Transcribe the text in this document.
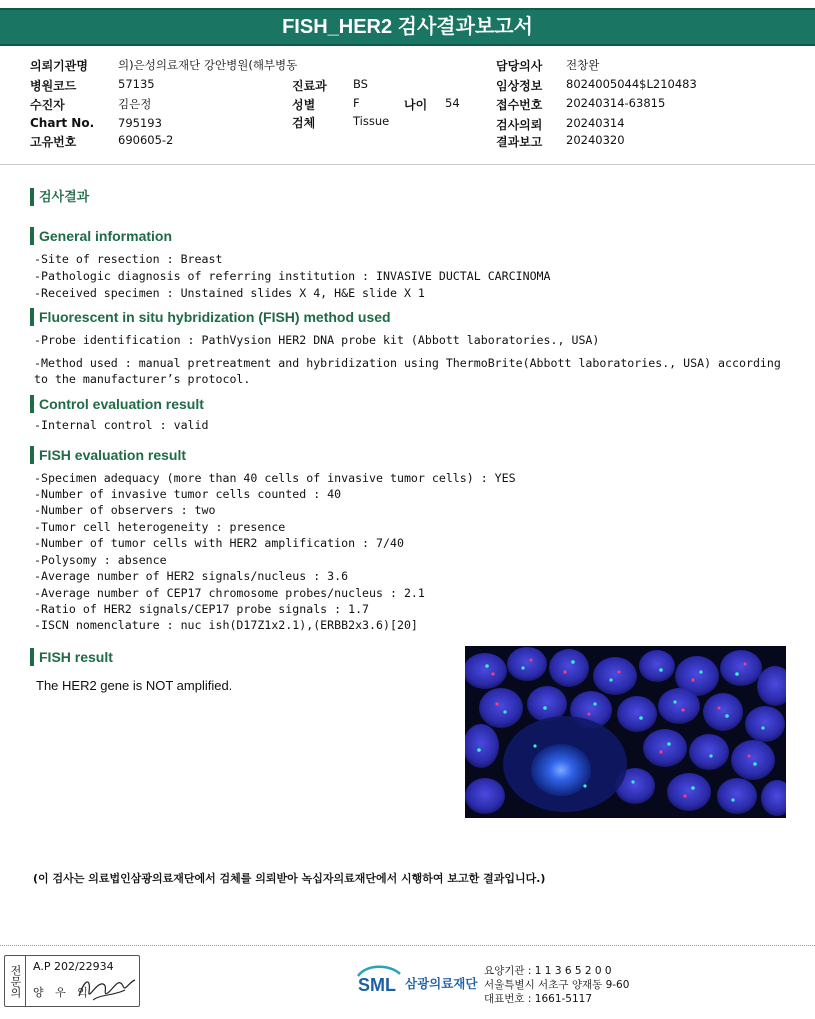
FISH_HER2 검사결과보고서
의뢰기관명	의)은성의료재단 강안병원(해부병동
병원코드	57135
수진자	김은정
Chart No. 795193
고유번호	690605-2
진료과 BS
성별	F	나이 54
검체	Tissue
담당의사 전창완
임상정보 8024005044$L210483
접수번호 20240314-63815
검사의뢰 20240314
결과보고 20240320
검사결과
General information
-Site of resection : Breast
-Pathologic diagnosis of referring institution : INVASIVE DUCTAL CARCINOMA
-Received specimen : Unstained slides X 4, H&E slide X 1
Fluorescent in situ hybridization (FISH) method used
-Probe identification : PathVysion HER2 DNA probe kit (Abbott laboratories., USA)
-Method used : manual pretreatment and hybridization using ThermoBrite(Abbott laboratories., USA) according
to the manufacturer’s protocol.
Control evaluation result
-Internal control : valid
FISH evaluation result
-Specimen adequacy (more than 40 cells of invasive tumor cells) : YES
-Number of invasive tumor cells counted : 40
-Number of observers : two
-Tumor cell heterogeneity : presence
-Number of tumor cells with HER2 amplification : 7/40
-Polysomy : absence
-Average number of HER2 signals/nucleus : 3.6
-Average number of CEP17 chromosome probes/nucleus : 2.1
-Ratio of HER2 signals/CEP17 probe signals : 1.7
-ISCN nomenclature : nuc ish(D17Z1x2.1),(ERBB2x3.6)[20]
FISH result
The HER2 gene is NOT amplified.
(이 검사는 의료법인삼광의료재단에서 검체를 의뢰받아 녹십자의료재단에서 시행하여 보고한 결과입니다.)
전문의	A.P 202/22934
양 우 익	SML 삼광의료재단
요양기관 : 1 1 3 6 5 2 0 0
서울특별시 서초구 양재동 9-60
대표번호 : 1661-5117
